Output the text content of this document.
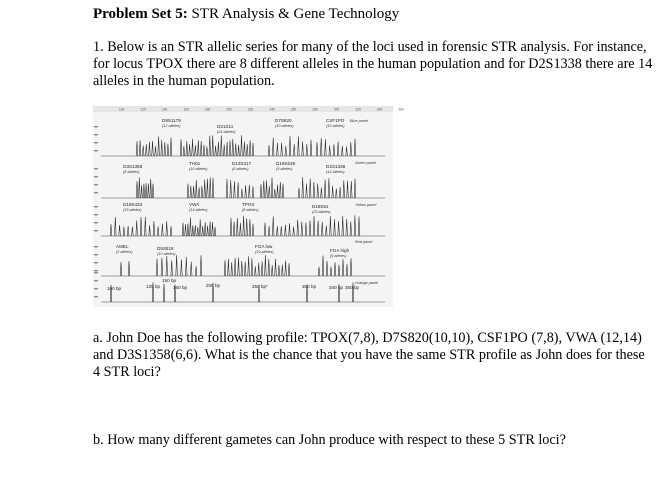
Problem Set 5: STR Analysis & Gene Technology
1. Below is an STR allelic series for many of the loci used in forensic STR analysis. For instance, for locus TPOX there are 8 different alleles in the human population and for D2S1338 there are 14 alleles in the human population.
100	120	140	160	180	200	220	240	260	280	300	320	340	360
D8S1179
(12 alleles)	D21S11
(24 alleles)
D7S820
(10 alleles)
CSF1PO
(10 alleles)
Blue panel
D3S1358
(8 alleles)
TH01
(10 alleles)
D13S317
(8 alleles)
D16S539
(9 alleles)	D2S1338
(14 alleles)
Green panel
D19S433
(15 alleles)
VWA
(14 alleles)
TPOX
(8 alleles)
D18S51
(23 alleles)
Yellow panel
AMEL
(2 alleles)
D5S818
(10 alleles)
FGA low
(19 alleles)	FGA high
(9 alleles)
Red panel
Orange panel
100 bp	139 bp
150 bp
160 bp	200 bp	250 bp*	300 bp	340 bp 350 bp
a. John Doe has the following profile: TPOX(7,8), D7S820(10,10), CSF1PO (7,8), VWA (12,14) and D3S1358(6,6). What is the chance that you have the same STR profile as John does for these 4 STR loci?
b. How many different gametes can John produce with respect to these 5 STR loci?
